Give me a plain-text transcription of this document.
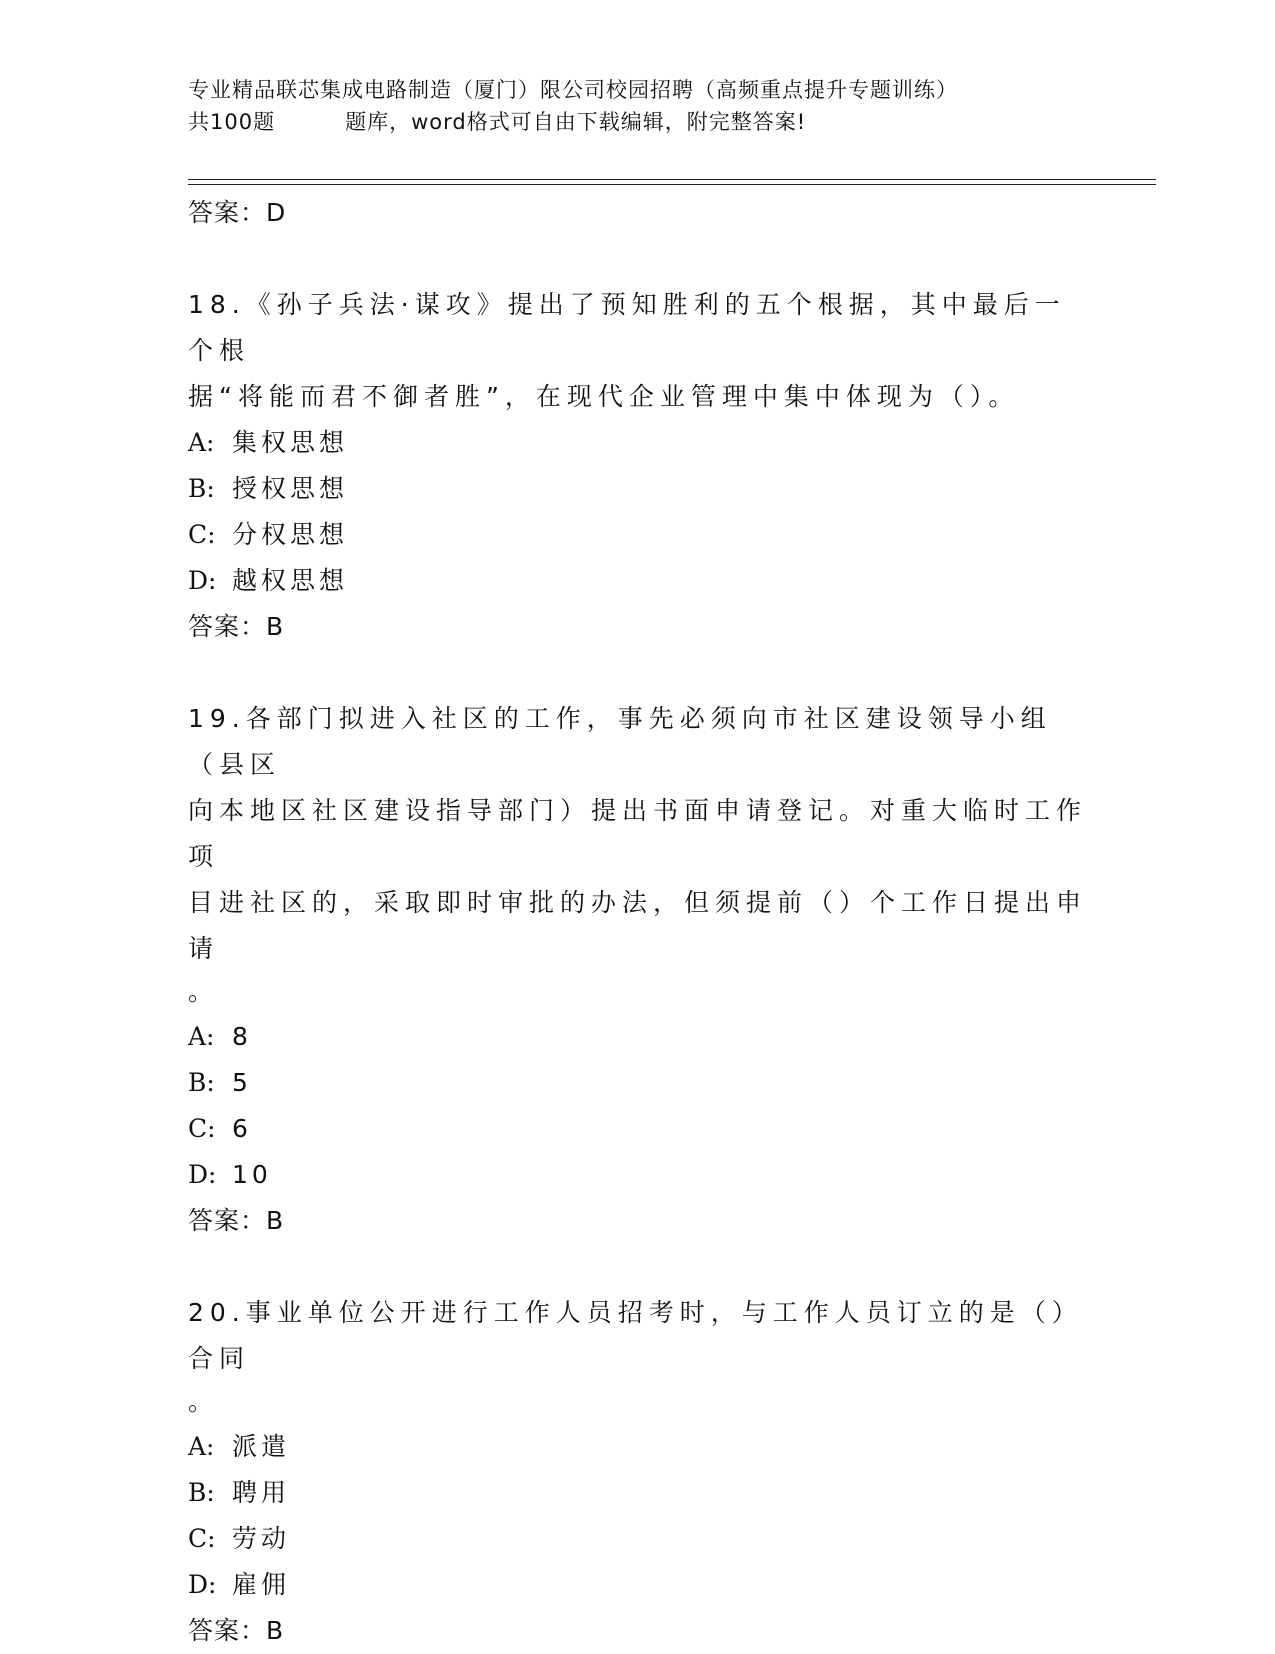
专业精品联芯集成电路制造（厦门）限公司校园招聘（高频重点提升专题训练）
共100题	题库，word格式可自由下载编辑，附完整答案!
答案：D
18.《孙子兵法·谋攻》提出了预知胜利的五个根据，其中最后一个根
据“将能而君不御者胜”，在现代企业管理中集中体现为（）。
A: 集权思想
B: 授权思想
C: 分权思想
D: 越权思想
答案：B
19.各部门拟进入社区的工作，事先必须向市社区建设领导小组（县区
向本地区社区建设指导部门）提出书面申请登记。对重大临时工作项
目进社区的，采取即时审批的办法，但须提前（）个工作日提出申请
。
A: 8
B: 5
C: 6
D: 10
答案：B
20.事业单位公开进行工作人员招考时，与工作人员订立的是（）合同
。
A: 派遣
B: 聘用
C: 劳动
D: 雇佣
答案：B
